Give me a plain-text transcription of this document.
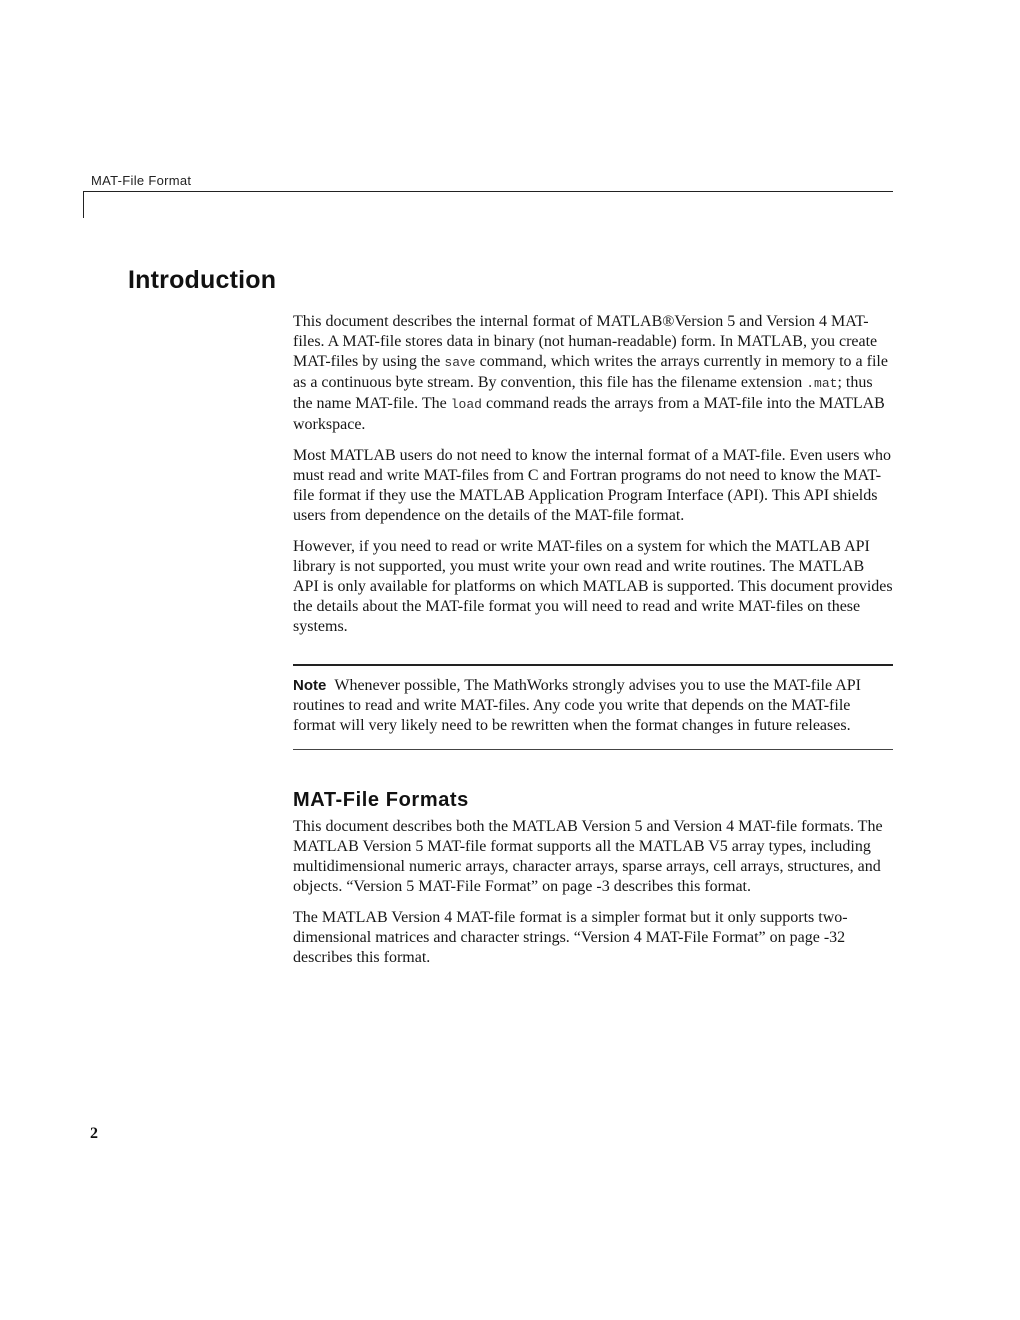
MAT-File Format
Introduction

This document describes the internal format of MATLAB®Version 5 and Version 4 MAT-files. A MAT-file stores data in binary (not human-readable) form. In MATLAB, you create MAT-files by using the save command, which writes the arrays currently in memory to a file as a continuous byte stream. By convention, this file has the filename extension .mat; thus the name MAT-file. The load command reads the arrays from a MAT-file into the MATLAB workspace.

Most MATLAB users do not need to know the internal format of a MAT-file. Even users who must read and write MAT-files from C and Fortran programs do not need to know the MAT-file format if they use the MATLAB Application Program Interface (API). This API shields users from dependence on the details of the MAT-file format.

However, if you need to read or write MAT-files on a system for which the MATLAB API library is not supported, you must write your own read and write routines. The MATLAB API is only available for platforms on which MATLAB is supported. This document provides the details about the MAT-file format you will need to read and write MAT-files on these systems.

Note Whenever possible, The MathWorks strongly advises you to use the MAT-file API routines to read and write MAT-files. Any code you write that depends on the MAT-file format will very likely need to be rewritten when the format changes in future releases.

MAT-File Formats

This document describes both the MATLAB Version 5 and Version 4 MAT-file formats. The MATLAB Version 5 MAT-file format supports all the MATLAB V5 array types, including multidimensional numeric arrays, character arrays, sparse arrays, cell arrays, structures, and objects. “Version 5 MAT-File Format” on page -3 describes this format.

The MATLAB Version 4 MAT-file format is a simpler format but it only supports two-dimensional matrices and character strings. “Version 4 MAT-File Format” on page -32 describes this format.

2
